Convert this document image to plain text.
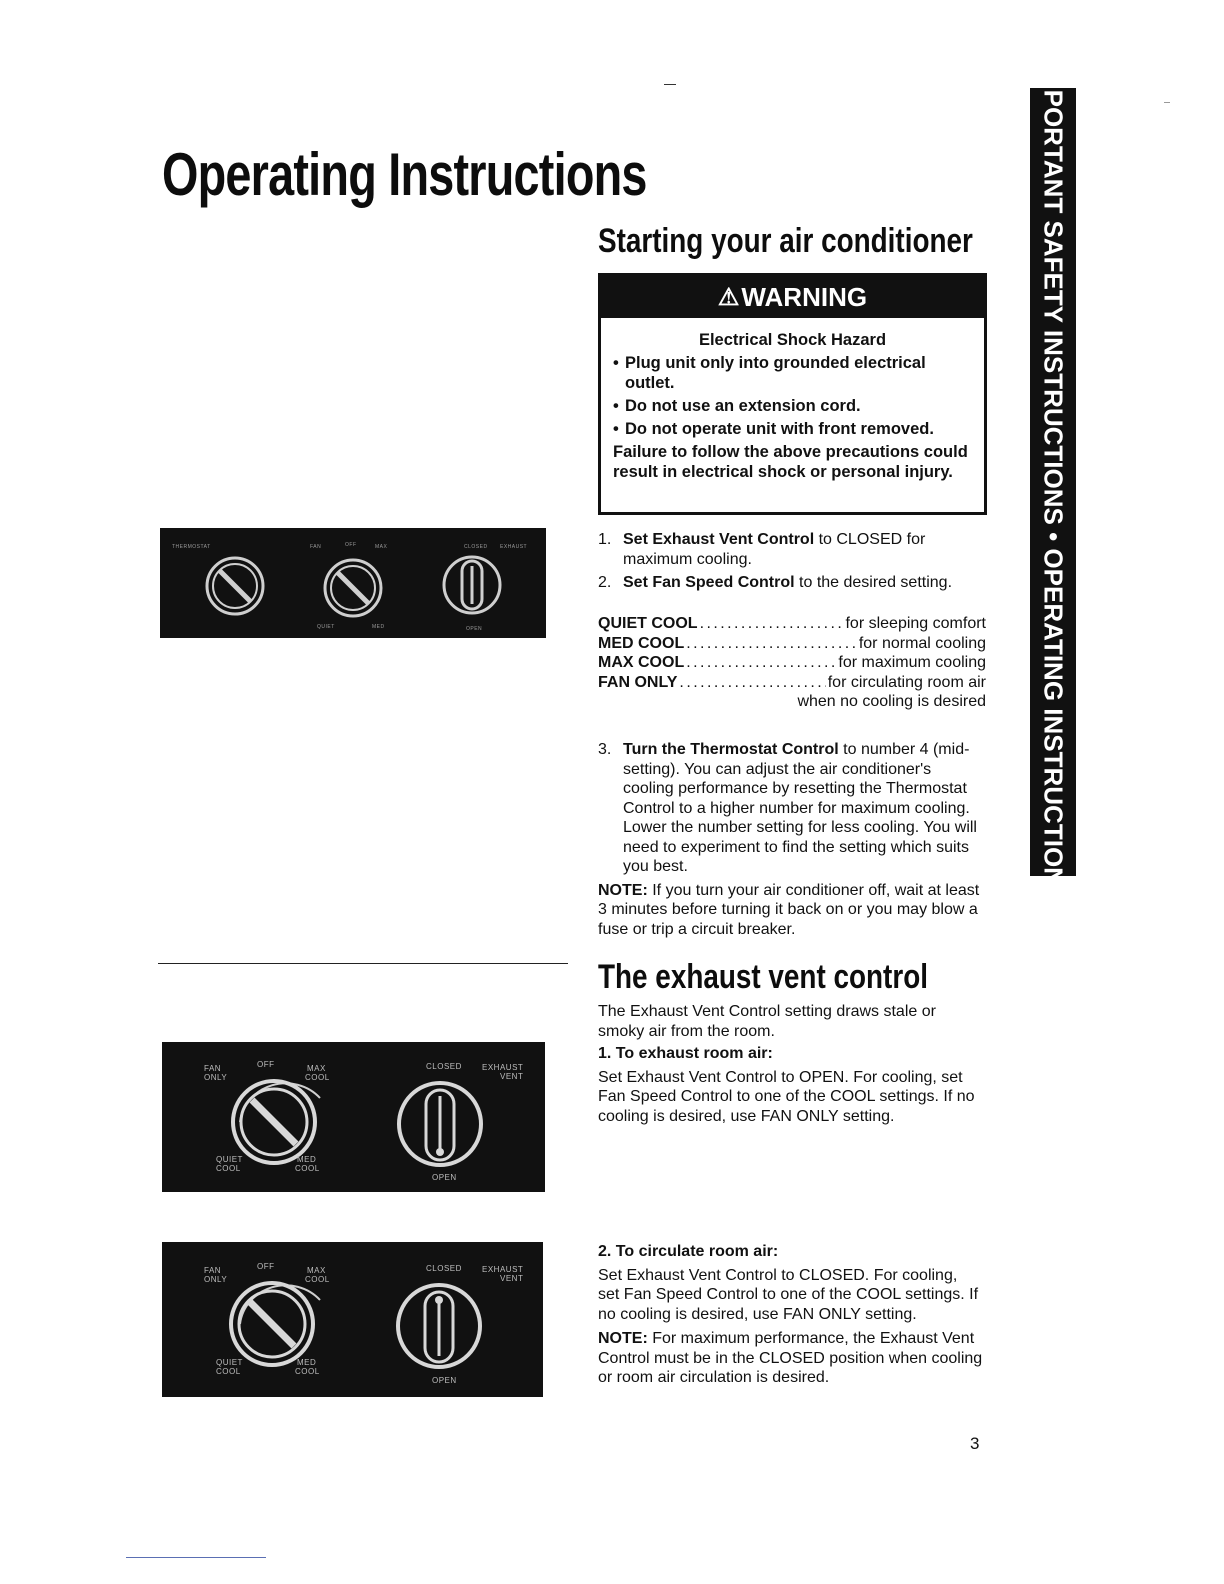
Operating Instructions
Starting your air conditioner
⚠ WARNING
Electrical Shock Hazard
• Plug unit only into grounded electrical outlet.
• Do not use an extension cord.
• Do not operate unit with front removed.
Failure to follow the above precautions could result in electrical shock or personal injury.
1. Set Exhaust Vent Control to CLOSED for maximum cooling.
2. Set Fan Speed Control to the desired setting.
QUIET COOL . . .	for sleeping comfort
MED COOL . . .	for normal cooling
MAX COOL . . .	for maximum cooling
FAN ONLY . . .	for circulating room air
when no cooling is desired
3. Turn the Thermostat Control to number 4 (mid-setting). You can adjust the air conditioner's cooling performance by resetting the Thermostat Control to a higher number for maximum cooling. Lower the number setting for less cooling. You will need to experiment to find the setting which suits you best.
NOTE: If you turn your air conditioner off, wait at least 3 minutes before turning it back on or you may blow a fuse or trip a circuit breaker.
IMPORTANT SAFETY INSTRUCTIONS • OPERATING INSTRUCTIONS
THERMOSTAT	FAN	OFF	MAX	CLOSED EXHAUST
QUIET	MED	OPEN
The exhaust vent control
The Exhaust Vent Control setting draws stale or smoky air from the room.
1. To exhaust room air:
Set Exhaust Vent Control to OPEN. For cooling, set Fan Speed Control to one of the COOL settings. If no cooling is desired, use FAN ONLY setting.
FAN
ONLY
OFF	MAX
COOL
CLOSED	EXHAUST
VENT
QUIET
COOL
MED
COOL
OPEN
FAN
ONLY
OFF	MAX
COOL
CLOSED	EXHAUST
VENT
QUIET
COOL
MED
COOL
OPEN
2. To circulate room air:
Set Exhaust Vent Control to CLOSED. For cooling, set Fan Speed Control to one of the COOL settings. If no cooling is desired, use FAN ONLY setting.
NOTE: For maximum performance, the Exhaust Vent Control must be in the CLOSED position when cooling or room air circulation is desired.
3
